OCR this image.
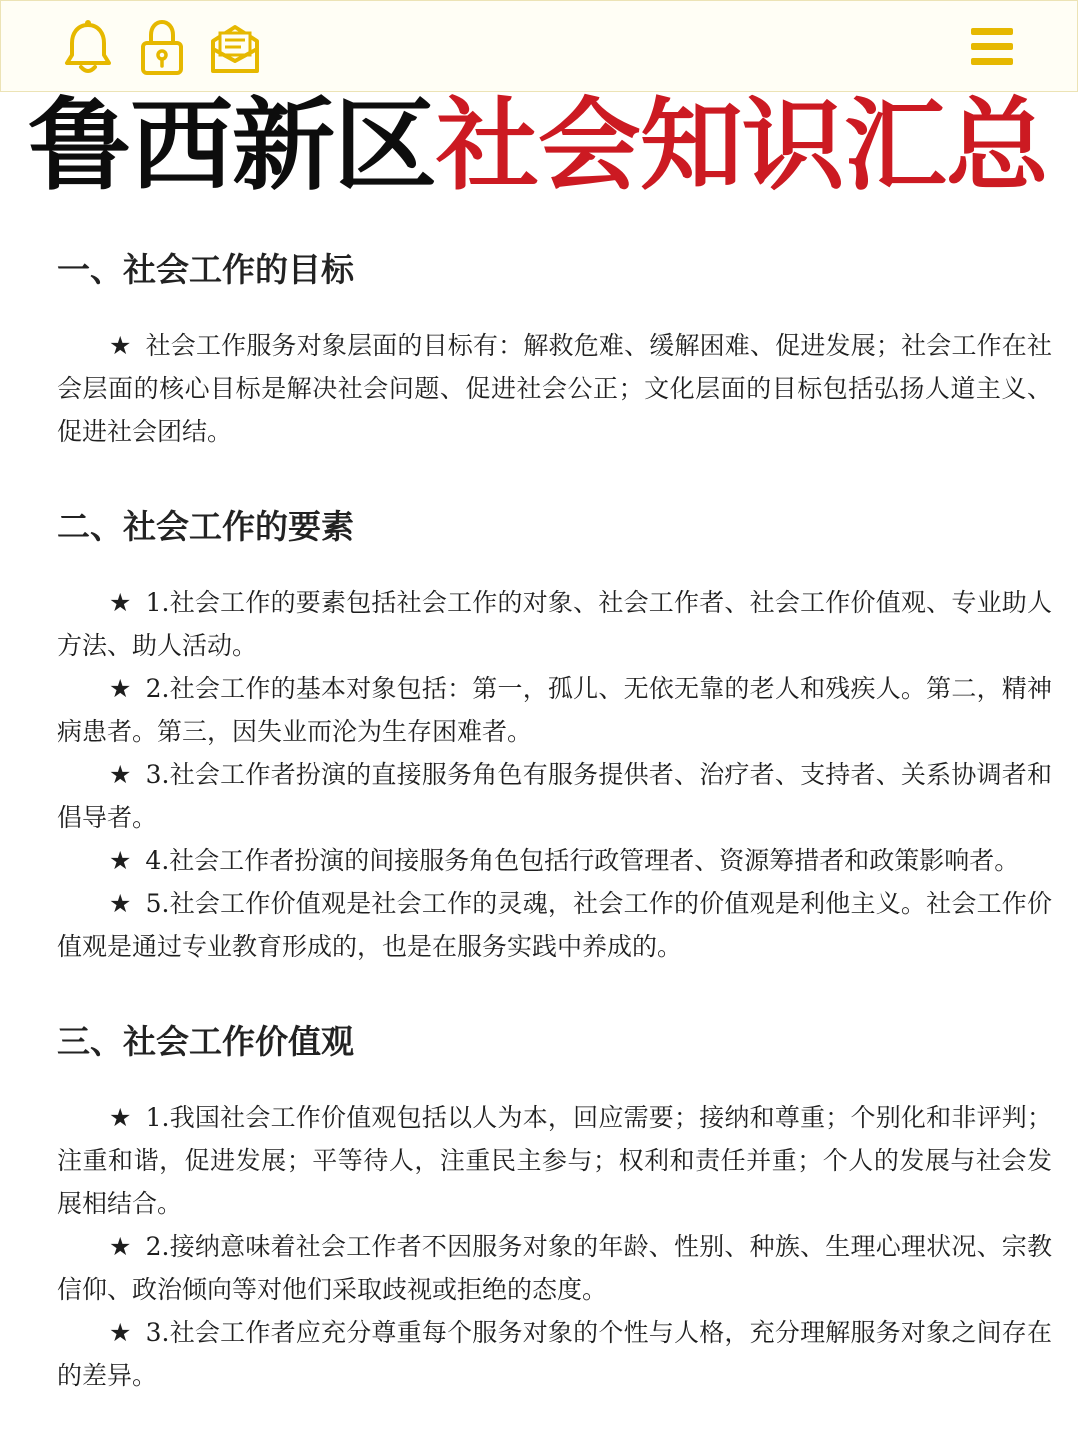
鲁西新区社会知识汇总
一、社会工作的目标

★ 社会工作服务对象层面的目标有：解救危难、缓解困难、促进发展；社会工作在社会层面的核心目标是解决社会问题、促进社会公正；文化层面的目标包括弘扬人道主义、促进社会团结。

二、社会工作的要素

★ 1.社会工作的要素包括社会工作的对象、社会工作者、社会工作价值观、专业助人方法、助人活动。

★ 2.社会工作的基本对象包括：第一，孤儿、无依无靠的老人和残疾人。第二，精神病患者。第三，因失业而沦为生存困难者。

★ 3.社会工作者扮演的直接服务角色有服务提供者、治疗者、支持者、关系协调者和倡导者。

★ 4.社会工作者扮演的间接服务角色包括行政管理者、资源筹措者和政策影响者。

★ 5.社会工作价值观是社会工作的灵魂，社会工作的价值观是利他主义。社会工作价值观是通过专业教育形成的，也是在服务实践中养成的。

三、社会工作价值观

★ 1.我国社会工作价值观包括以人为本，回应需要；接纳和尊重；个别化和非评判；注重和谐，促进发展；平等待人，注重民主参与；权利和责任并重；个人的发展与社会发展相结合。

★ 2.接纳意味着社会工作者不因服务对象的年龄、性别、种族、生理心理状况、宗教信仰、政治倾向等对他们采取歧视或拒绝的态度。

★ 3.社会工作者应充分尊重每个服务对象的个性与人格，充分理解服务对象之间存在的差异。
